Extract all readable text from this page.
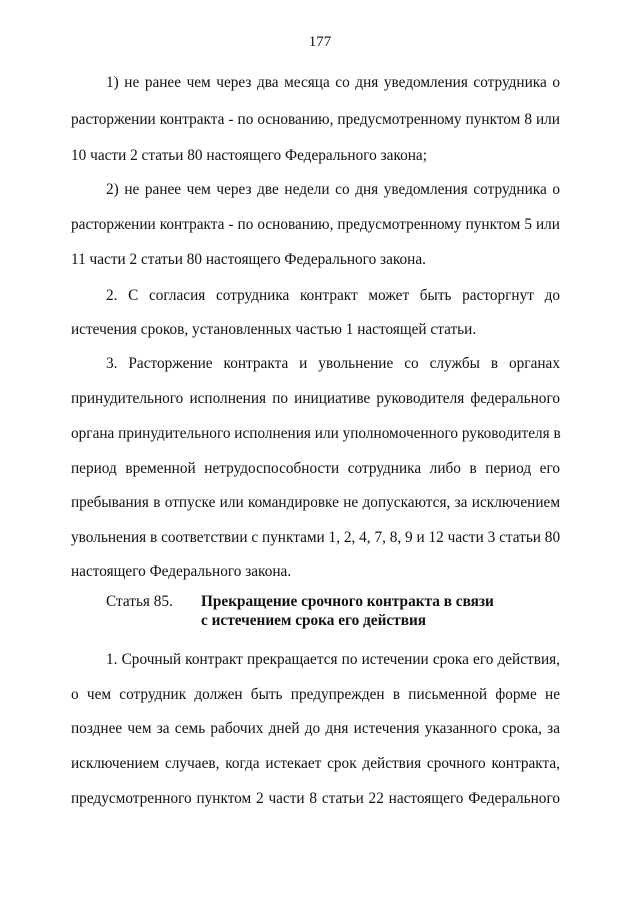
177
1) не ранее чем через два месяца со дня уведомления сотрудника о
расторжении контракта - по основанию, предусмотренному пунктом 8 или
10 части 2 статьи 80 настоящего Федерального закона;
2) не ранее чем через две недели со дня уведомления сотрудника о
расторжении контракта - по основанию, предусмотренному пунктом 5 или
11 части 2 статьи 80 настоящего Федерального закона.
2. С согласия сотрудника контракт может быть расторгнут до
истечения сроков, установленных частью 1 настоящей статьи.
3. Расторжение контракта и увольнение со службы в органах
принудительного исполнения по инициативе руководителя федерального
органа принудительного исполнения или уполномоченного руководителя в
период временной нетрудоспособности сотрудника либо в период его
пребывания в отпуске или командировке не допускаются, за исключением
увольнения в соответствии с пунктами 1, 2, 4, 7, 8, 9 и 12 части 3 статьи 80
настоящего Федерального закона.
Статья 85. Прекращение срочного контракта в связи
с истечением срока его действия
1. Срочный контракт прекращается по истечении срока его действия,
о чем сотрудник должен быть предупрежден в письменной форме не
позднее чем за семь рабочих дней до дня истечения указанного срока, за
исключением случаев, когда истекает срок действия срочного контракта,
предусмотренного пунктом 2 части 8 статьи 22 настоящего Федерального
